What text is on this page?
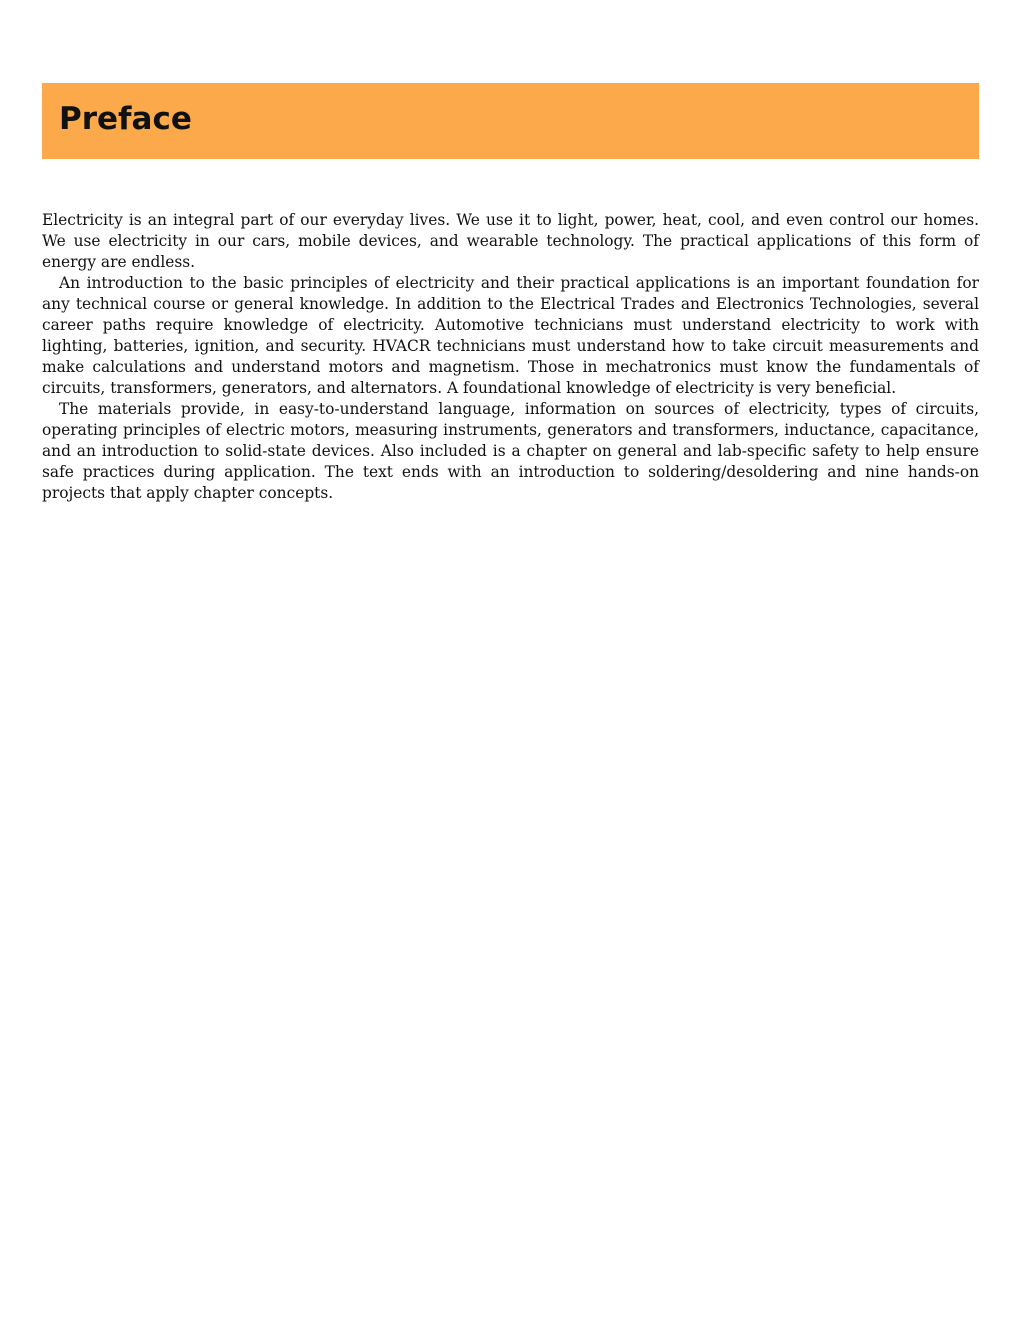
Preface

Electricity is an integral part of our everyday lives. We use it to light, power, heat, cool, and even control our homes. We use electricity in our cars, mobile devices, and wearable technology. The practical applications of this form of energy are endless.

An introduction to the basic principles of electricity and their practical applications is an important foundation for any technical course or general knowledge. In addition to the Electrical Trades and Electronics Technologies, several career paths require knowledge of electricity. Automotive technicians must understand electricity to work with lighting, batteries, ignition, and security. HVACR technicians must understand how to take circuit measurements and make calculations and understand motors and magnetism. Those in mechatronics must know the fundamentals of circuits, transformers, generators, and alternators. A foundational knowledge of electricity is very beneficial.

The materials provide, in easy-to-understand language, information on sources of electricity, types of circuits, operating principles of electric motors, measuring instruments, generators and transformers, inductance, capacitance, and an introduction to solid-state devices. Also included is a chapter on general and lab-specific safety to help ensure safe practices during application. The text ends with an introduction to soldering/desoldering and nine hands-on projects that apply chapter concepts.
